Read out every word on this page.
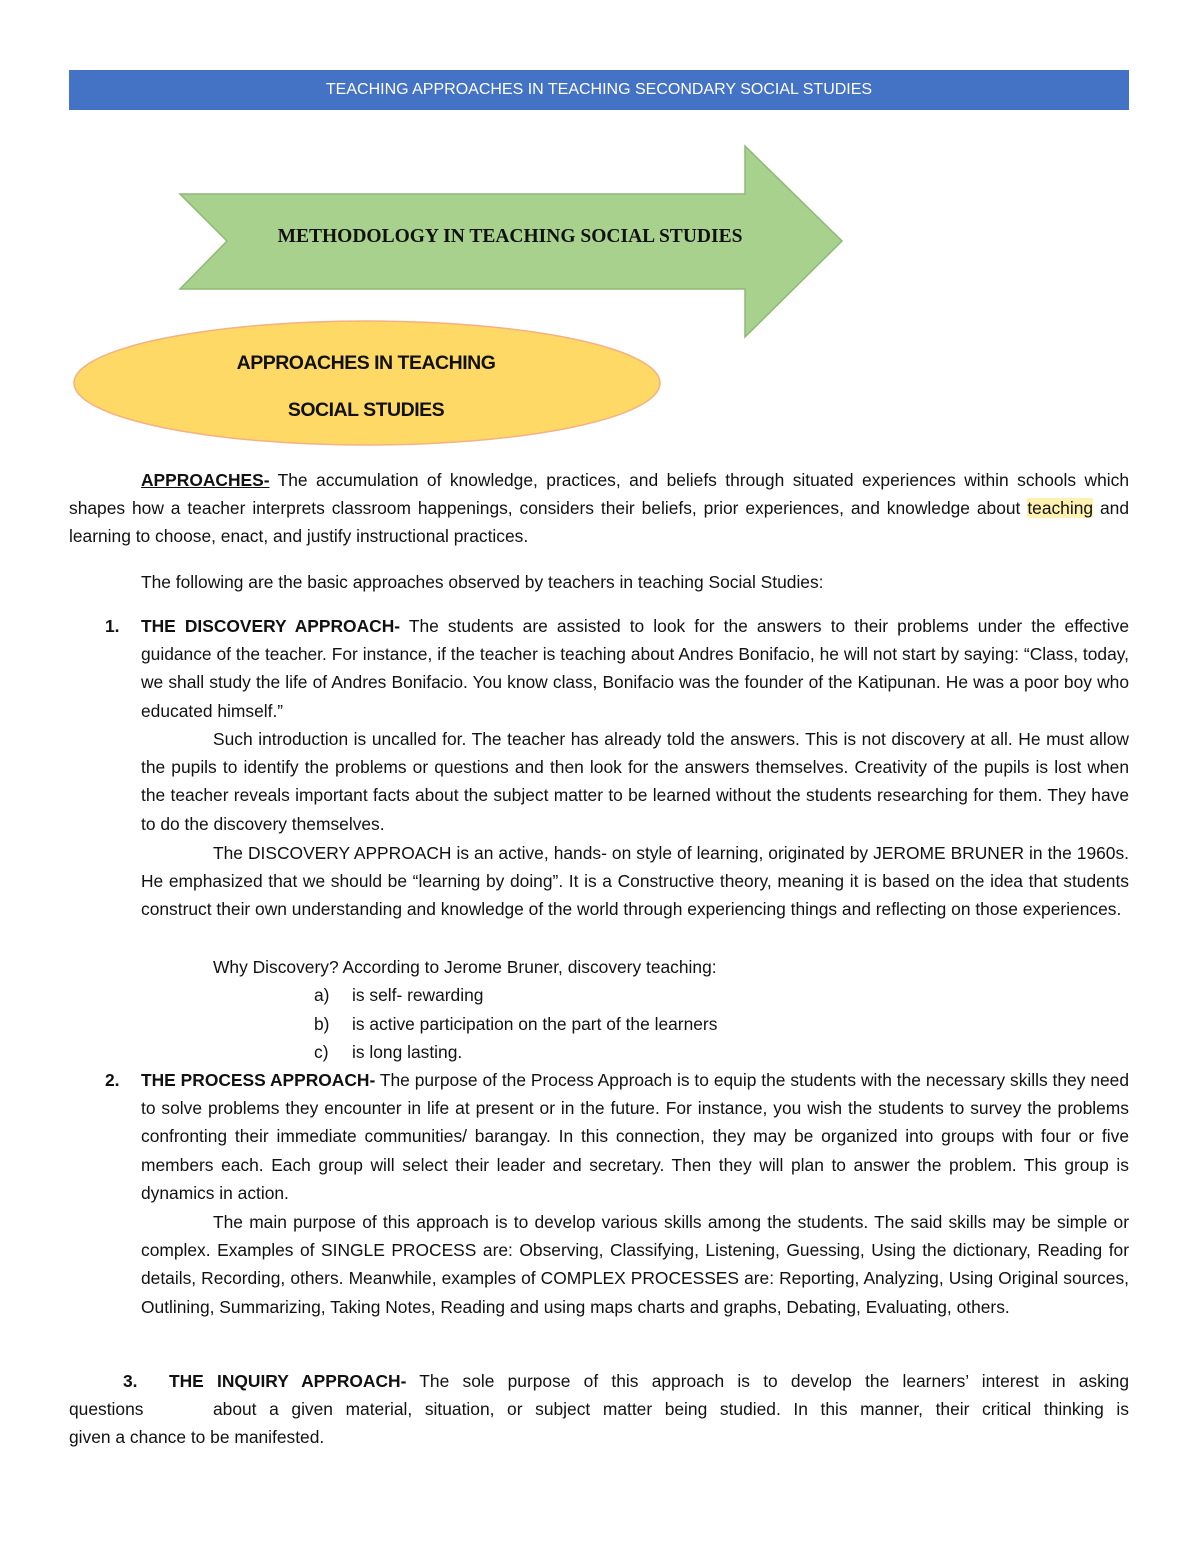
TEACHING APPROACHES IN TEACHING SECONDARY SOCIAL STUDIES
METHODOLOGY IN TEACHING SOCIAL STUDIES
APPROACHES IN TEACHING
SOCIAL STUDIES
APPROACHES- The accumulation of knowledge, practices, and beliefs through situated experiences within schools which shapes how a teacher interprets classroom happenings, considers their beliefs, prior experiences, and knowledge about teaching and learning to choose, enact, and justify instructional practices.
The following are the basic approaches observed by teachers in teaching Social Studies:
1. THE DISCOVERY APPROACH- The students are assisted to look for the answers to their problems under the effective guidance of the teacher. For instance, if the teacher is teaching about Andres Bonifacio, he will not start by saying: “Class, today, we shall study the life of Andres Bonifacio. You know class, Bonifacio was the founder of the Katipunan. He was a poor boy who educated himself.”
Such introduction is uncalled for. The teacher has already told the answers. This is not discovery at all. He must allow the pupils to identify the problems or questions and then look for the answers themselves. Creativity of the pupils is lost when the teacher reveals important facts about the subject matter to be learned without the students researching for them. They have to do the discovery themselves.
The DISCOVERY APPROACH is an active, hands- on style of learning, originated by JEROME BRUNER in the 1960s. He emphasized that we should be “learning by doing”. It is a Constructive theory, meaning it is based on the idea that students construct their own understanding and knowledge of the world through experiencing things and reflecting on those experiences.
Why Discovery? According to Jerome Bruner, discovery teaching:
a) is self- rewarding
b) is active participation on the part of the learners
c) is long lasting.
2. THE PROCESS APPROACH- The purpose of the Process Approach is to equip the students with the necessary skills they need to solve problems they encounter in life at present or in the future. For instance, you wish the students to survey the problems confronting their immediate communities/ barangay. In this connection, they may be organized into groups with four or five members each. Each group will select their leader and secretary. Then they will plan to answer the problem. This group is dynamics in action.
The main purpose of this approach is to develop various skills among the students. The said skills may be simple or complex. Examples of SINGLE PROCESS are: Observing, Classifying, Listening, Guessing, Using the dictionary, Reading for details, Recording, others. Meanwhile, examples of COMPLEX PROCESSES are: Reporting, Analyzing, Using Original sources, Outlining, Summarizing, Taking Notes, Reading and using maps charts and graphs, Debating, Evaluating, others.
3. THE INQUIRY APPROACH- The sole purpose of this approach is to develop the learners’ interest in asking
questions	about a given material, situation, or subject matter being studied. In this manner, their critical thinking is
given a chance to be manifested.
